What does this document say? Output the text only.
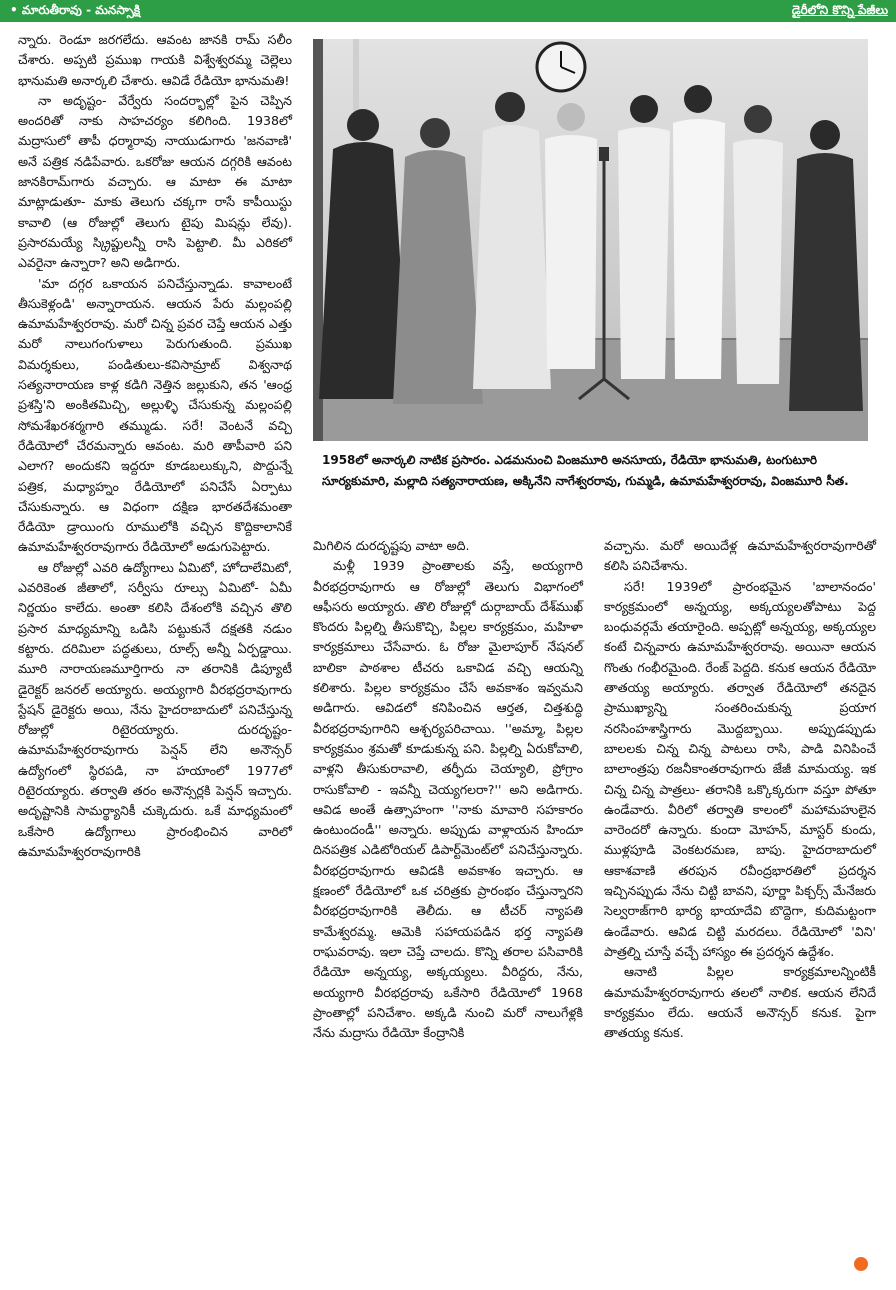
• మారుతీరావు - మనస్సాక్షి	డైరీలోని కొన్ని పేజీలు

న్నారు. రెండూ జరగలేదు. ఆవంట జానకి రామ్ సలీం చేశారు. అప్పటి ప్రముఖ గాయకి విశ్వేశ్వరమ్మ చెల్లెలు భానుమతి అనార్కలి చేశారు. ఆవిడే రేడియో భానుమతి!

నా అదృష్టం- వేర్వేరు సందర్భాల్లో పైన చెప్పిన అందరితో నాకు సాహచర్యం కలిగింది. 1938లో మద్రాసులో తాపీ ధర్మారావు నాయుడుగారు 'జనవాణి' అనే పత్రిక నడిపేవారు. ఒకరోజు ఆయన దగ్గరికి ఆవంట జానకిరామ్‌గారు వచ్చారు. ఆ మాటా ఈ మాటా మాట్లాడుతూ- మాకు తెలుగు చక్కగా రాసే కాపీయిస్టు కావాలి (ఆ రోజుల్లో తెలుగు టైపు మిషన్లు లేవు). ప్రసారమయ్యే స్క్రిప్టులన్నీ రాసి పెట్టాలి. మీ ఎరికలో ఎవరైనా ఉన్నారా? అని అడిగారు.

'మా దగ్గర ఒకాయన పనిచేస్తున్నాడు. కావాలంటే తీసుకెళ్లండి' అన్నారాయన. ఆయన పేరు మల్లంపల్లి ఉమామహేశ్వరరావు. మరో చిన్న ప్రవర చెప్తే ఆయన ఎత్తు మరో నాలుగంగుళాలు పెరుగుతుంది. ప్రముఖ విమర్శకులు, పండితులు-కవిసామ్రాట్ విశ్వనాథ సత్యనారాయణ కాళ్ల కడిగి నెత్తిన జల్లుకుని, తన 'ఆంధ్ర ప్రశస్తి'ని అంకితమిచ్చి, అల్లుళ్ళి చేసుకున్న మల్లంపల్లి సోమశేఖరశర్మగారి తమ్ముడు. సరే! వెంటనే వచ్చి రేడియోలో చేరమన్నారు ఆవంట. మరి తాపీవారి పని ఎలాగ? అందుకని ఇద్దరూ కూడబలుక్కుని, పొద్దున్నే పత్రిక, మధ్యాహ్నం రేడియోలో పనిచేసే ఏర్పాటు చేసుకున్నారు. ఆ విధంగా దక్షిణ భారతదేశమంతా రేడియో డ్రాయింగు రూములోకి వచ్చిన కొద్దికాలానికే ఉమామహేశ్వరరావుగారు రేడియోలో అడుగుపెట్టారు.

ఆ రోజుల్లో ఎవరి ఉద్యోగాలు ఏమిటో, హోదాలేమిటో, ఎవరికెంత జీతాలో, సర్వీసు రూల్సు ఏమిటో- ఏమీ నిర్ణయం కాలేదు. అంతా కలిసి దేశంలోకి వచ్చిన తొలి ప్రసార మాధ్యమాన్ని ఒడిసి పట్టుకునే దక్షతకి నడుం కట్టారు. దరిమిలా పద్ధతులు, రూల్స్ అన్నీ ఏర్పడ్డాయి. మూరి నారాయణమూర్తిగారు నా తరానికి డిప్యూటీ డైరెక్టర్ జనరల్ అయ్యారు. అయ్యగారి వీరభద్రరావుగారు స్టేషన్ డైరెక్టరు అయి, నేను హైదరాబాదులో పనిచేస్తున్న రోజుల్లో రిటైరయ్యారు. దురదృష్టం- ఉమామహేశ్వరరావుగారు పెన్షన్ లేని అనౌన్సర్ ఉద్యోగంలో స్థిరపడి, నా హయాంలో 1977లో రిటైరయ్యారు. తర్వాతి తరం అనౌన్సర్లకి పెన్షన్ ఇచ్చారు. అదృష్టానికి సామర్థ్యానికీ చుక్కెదురు. ఒకే మాధ్యమంలో ఒకేసారి ఉద్యోగాలు ప్రారంభించిన వారిలో ఉమామహేశ్వరరావుగారికి

1958లో అనార్కలి నాటిక ప్రసారం. ఎడమనుంచి వింజమూరి అనసూయ, రేడియో భానుమతి, టంగుటూరి సూర్యకుమారి, మల్లాది సత్యనారాయణ, అక్కినేని నాగేశ్వరరావు, గుమ్మడి, ఉమామహేశ్వరరావు, వింజమూరి సీత.

మిగిలిన దురదృష్టపు వాటా అది.

మళ్లీ 1939 ప్రాంతాలకు వస్తే, అయ్యగారి వీరభద్రరావుగారు ఆ రోజుల్లో తెలుగు విభాగంలో ఆఫీసరు అయ్యారు. తొలి రోజుల్లో దుర్గాబాయ్ దేశ్‌ముఖ్ కొందరు పిల్లల్ని తీసుకొచ్చి, పిల్లల కార్యక్రమం, మహిళా కార్యక్రమాలు చేసేవారు. ఓ రోజు మైలాపూర్ నేషనల్ బాలికా పాఠశాల టీచరు ఒకావిడ వచ్చి ఆయన్ని కలిశారు. పిల్లల కార్యక్రమం చేసే అవకాశం ఇవ్వమని అడిగారు. ఆవిడలో కనిపించిన ఆర్తత, చిత్తశుద్ధి వీరభద్రరావుగారిని ఆశ్చర్యపరిచాయి. ''అమ్మా, పిల్లల కార్యక్రమం శ్రమతో కూడుకున్న పని. పిల్లల్ని ఏరుకోవాలి, వాళ్లని తీసుకురావాలి, తర్ఫీదు చెయ్యాలి, ప్రోగ్రాం రాసుకోవాలి - ఇవన్నీ చెయ్యగలరా?'' అని అడిగారు. ఆవిడ అంతే ఉత్సాహంగా ''నాకు మావారి సహకారం ఉంటుందండీ'' అన్నారు. అప్పుడు వాళ్లాయన హిందూ దినపత్రిక ఎడిటోరియల్ డిపార్ట్‌మెంట్‌లో పనిచేస్తున్నారు. వీరభద్రరావుగారు ఆవిడకి అవకాశం ఇచ్చారు. ఆ క్షణంలో రేడియోలో ఒక చరిత్రకు ప్రారంభం చేస్తున్నారని వీరభద్రరావుగారికి తెలీదు. ఆ టీచర్ న్యాపతి కామేశ్వరమ్మ. ఆమెకి సహాయపడిన భర్త న్యాపతి రాఘవరావు. ఇలా చెప్తే చాలదు. కొన్ని తరాల పసివారికి రేడియో అన్నయ్య, అక్కయ్యలు. వీరిద్దరు, నేను, అయ్యగారి వీరభద్రరావు ఒకేసారి రేడియోలో 1968 ప్రాంతాల్లో పనిచేశాం. అక్కడి నుంచి మరో నాలుగేళ్లకి నేను మద్రాసు రేడియో కేంద్రానికి

వచ్చాను. మరో అయిదేళ్ల ఉమామహేశ్వరరావుగారితో కలిసి పనిచేశాను.

సరే! 1939లో ప్రారంభమైన 'బాలానందం' కార్యక్రమంలో అన్నయ్య, అక్కయ్యలతోపాటు పెద్ద బంధువర్గమే తయారైంది. అప్పట్లో అన్నయ్య, అక్కయ్యల కంటే చిన్నవారు ఉమామహేశ్వరరావు. అయినా ఆయన గొంతు గంభీరమైంది. రేంజ్ పెద్దది. కనుక ఆయన రేడియో తాతయ్య అయ్యారు. తర్వాత రేడియోలో తనదైన ప్రాముఖ్యాన్ని సంతరించుకున్న ప్రయాగ నరసింహశాస్త్రిగారు మొద్దబ్బాయి. అప్పుడప్పుడు బాలలకు చిన్న చిన్న పాటలు రాసి, పాడి వినిపించే బాలాంత్రపు రజనీకాంతరావుగారు జేజీ మామయ్య. ఇక చిన్న చిన్న పాత్రలు- తరానికి ఒక్కొక్కరుగా వస్తూ పోతూ ఉండేవారు. వీరిలో తర్వాతి కాలంలో మహామహులైన వారెందరో ఉన్నారు. కుందా మోహన్, మాస్టర్ కుందు, ముళ్లపూడి వెంకటరమణ, బాపు. హైదరాబాదులో ఆకాశవాణి తరపున రవీంద్రభారతిలో ప్రదర్శన ఇచ్చినప్పుడు నేను చిట్టి బావని, పూర్ణా పిక్చర్స్ మేనేజరు సెల్వరాజ్‌గారి భార్య భాయాదేవి బొద్దెగా, కుదిమట్టంగా ఉండేవారు. ఆవిడ చిట్టి మరదలు. రేడియోలో 'విని' పాత్రల్ని చూస్తే వచ్చే హాస్యం ఈ ప్రదర్శన ఉద్దేశం.

ఆనాటి పిల్లల కార్యక్రమాలన్నింటికీ ఉమామహేశ్వరరావుగారు తలలో నాలిక. ఆయన లేనిదే కార్యక్రమం లేదు. ఆయనే అనౌన్సర్ కనుక. పైగా తాతయ్య కనుక.
